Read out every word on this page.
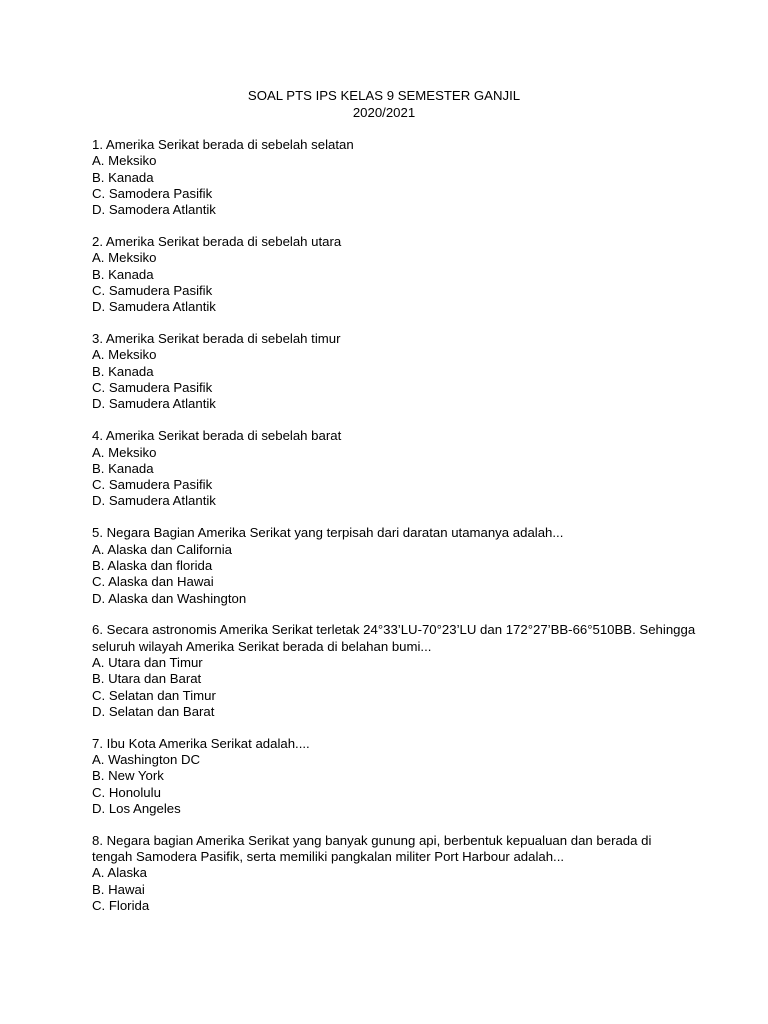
SOAL PTS IPS KELAS 9 SEMESTER GANJIL
2020/2021
1. Amerika Serikat berada di sebelah selatan
A. Meksiko
B. Kanada
C. Samodera Pasifik
D. Samodera Atlantik
2. Amerika Serikat berada di sebelah utara
A. Meksiko
B. Kanada
C. Samudera Pasifik
D. Samudera Atlantik
3. Amerika Serikat berada di sebelah timur
A. Meksiko
B. Kanada
C. Samudera Pasifik
D. Samudera Atlantik
4. Amerika Serikat berada di sebelah barat
A. Meksiko
B. Kanada
C. Samudera Pasifik
D. Samudera Atlantik
5. Negara Bagian Amerika Serikat yang terpisah dari daratan utamanya adalah...
A. Alaska dan California
B. Alaska dan florida
C. Alaska dan Hawai
D. Alaska dan Washington
6. Secara astronomis Amerika Serikat terletak 24°33’LU-70°23’LU dan 172°27’BB-66°510BB. Sehingga
seluruh wilayah Amerika Serikat berada di belahan bumi...
A. Utara dan Timur
B. Utara dan Barat
C. Selatan dan Timur
D. Selatan dan Barat
7. Ibu Kota Amerika Serikat adalah....
A. Washington DC
B. New York
C. Honolulu
D. Los Angeles
8. Negara bagian Amerika Serikat yang banyak gunung api, berbentuk kepualuan dan berada di
tengah Samodera Pasifik, serta memiliki pangkalan militer Port Harbour adalah...
A. Alaska
B. Hawai
C. Florida
